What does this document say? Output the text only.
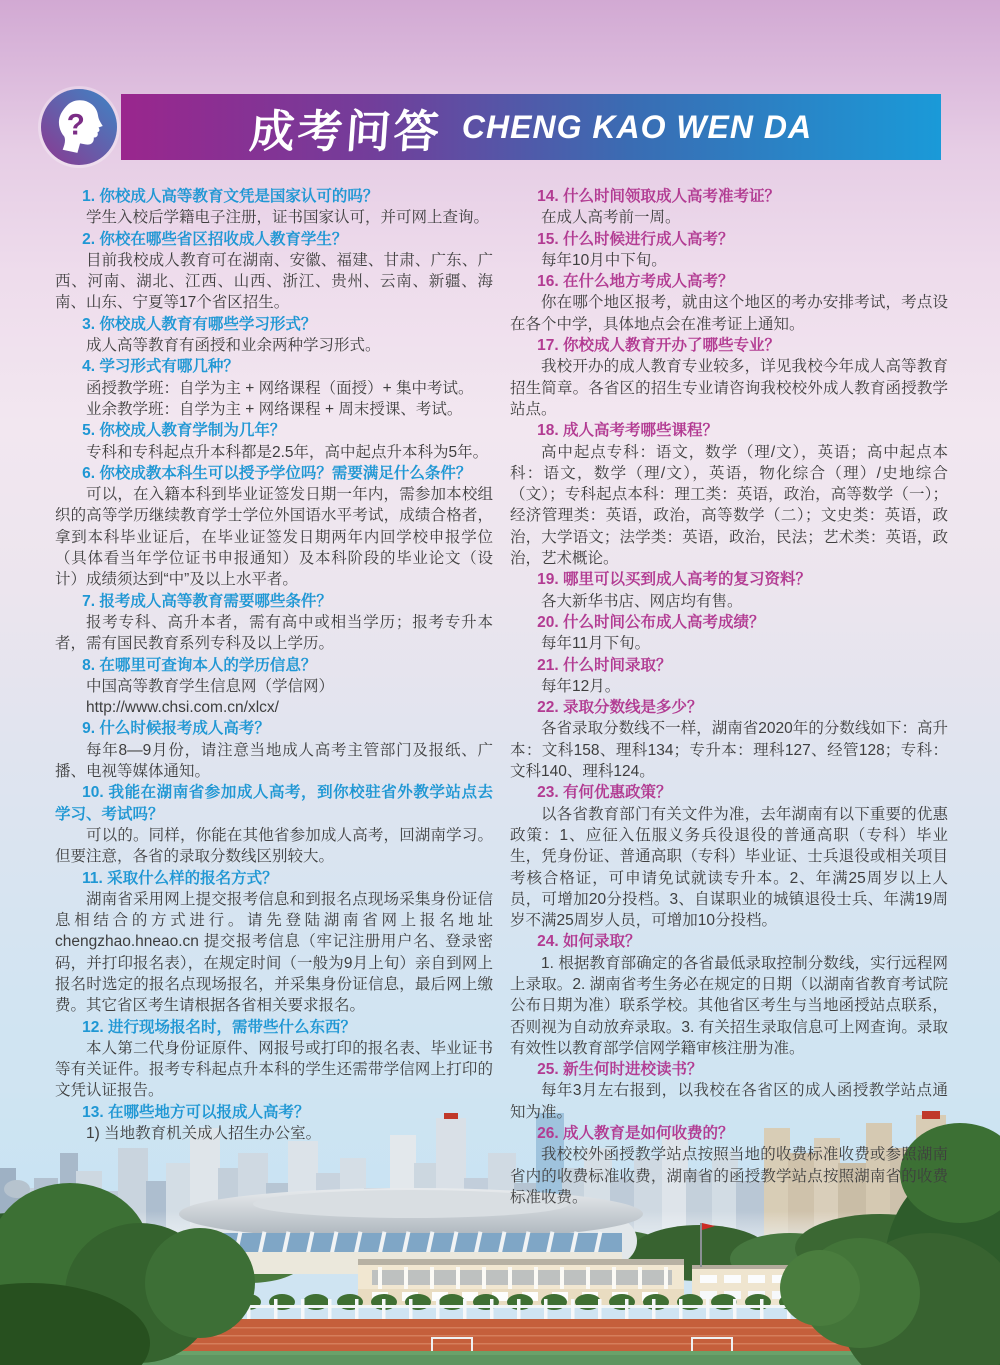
成考问答 CHENG KAO WEN DA
?
1. 你校成人高等教育文凭是国家认可的吗？
学生入校后学籍电子注册，证书国家认可，并可网上查询。
2. 你校在哪些省区招收成人教育学生？
目前我校成人教育可在湖南、安徽、福建、甘肃、广东、广西、河南、湖北、江西、山西、浙江、贵州、云南、新疆、海南、山东、宁夏等17个省区招生。
3. 你校成人教育有哪些学习形式？
成人高等教育有函授和业余两种学习形式。
4. 学习形式有哪几种？
函授教学班：自学为主 + 网络课程（面授）+ 集中考试。
业余教学班：自学为主 + 网络课程 + 周末授课、考试。
5. 你校成人教育学制为几年？
专科和专科起点升本科都是2.5年，高中起点升本科为5年。
6. 你校成教本科生可以授予学位吗？需要满足什么条件？
可以，在入籍本科到毕业证签发日期一年内，需参加本校组织的高等学历继续教育学士学位外国语水平考试，成绩合格者，拿到本科毕业证后，在毕业证签发日期两年内回学校申报学位（具体看当年学位证书申报通知）及本科阶段的毕业论文（设计）成绩须达到“中”及以上水平者。
7. 报考成人高等教育需要哪些条件？
报考专科、高升本者，需有高中或相当学历；报考专升本者，需有国民教育系列专科及以上学历。
8. 在哪里可查询本人的学历信息？
中国高等教育学生信息网（学信网）
http://www.chsi.com.cn/xlcx/
9. 什么时候报考成人高考？
每年8—9月份，请注意当地成人高考主管部门及报纸、广播、电视等媒体通知。
10. 我能在湖南省参加成人高考，到你校驻省外教学站点去学习、考试吗？
可以的。同样，你能在其他省参加成人高考，回湖南学习。但要注意，各省的录取分数线区别较大。
11. 采取什么样的报名方式？
湖南省采用网上提交报考信息和到报名点现场采集身份证信息相结合的方式进行。请先登陆湖南省网上报名地址chengzhao.hneao.cn 提交报考信息（牢记注册用户名、登录密码，并打印报名表），在规定时间（一般为9月上旬）亲自到网上报名时选定的报名点现场报名，并采集身份证信息，最后网上缴费。其它省区考生请根据各省相关要求报名。
12. 进行现场报名时，需带些什么东西？
本人第二代身份证原件、网报号或打印的报名表、毕业证书等有关证件。报考专科起点升本科的学生还需带学信网上打印的文凭认证报告。
13. 在哪些地方可以报成人高考？
1) 当地教育机关成人招生办公室。
14. 什么时间领取成人高考准考证？
在成人高考前一周。
15. 什么时候进行成人高考？
每年10月中下旬。
16. 在什么地方考成人高考？
你在哪个地区报考，就由这个地区的考办安排考试，考点设在各个中学，具体地点会在准考证上通知。
17. 你校成人教育开办了哪些专业？
我校开办的成人教育专业较多，详见我校今年成人高等教育招生简章。各省区的招生专业请咨询我校校外成人教育函授教学站点。
18. 成人高考考哪些课程？
高中起点专科：语文，数学（理/文），英语；高中起点本科：语文，数学（理/文），英语，物化综合（理）/史地综合（文）；专科起点本科：理工类：英语，政治，高等数学（一）；经济管理类：英语，政治，高等数学（二）；文史类：英语，政治，大学语文；法学类：英语，政治，民法；艺术类：英语，政治，艺术概论。
19. 哪里可以买到成人高考的复习资料？
各大新华书店、网店均有售。
20. 什么时间公布成人高考成绩？
每年11月下旬。
21. 什么时间录取？
每年12月。
22. 录取分数线是多少？
各省录取分数线不一样，湖南省2020年的分数线如下：高升本：文科158、理科134；专升本：理科127、经管128；专科：文科140、理科124。
23. 有何优惠政策？
以各省教育部门有关文件为准，去年湖南有以下重要的优惠政策：1、应征入伍服义务兵役退役的普通高职（专科）毕业生，凭身份证、普通高职（专科）毕业证、士兵退役或相关项目考核合格证，可申请免试就读专升本。2、年满25周岁以上人员，可增加20分投档。3、自谋职业的城镇退役士兵、年满19周岁不满25周岁人员，可增加10分投档。
24. 如何录取？
1. 根据教育部确定的各省最低录取控制分数线，实行远程网上录取。2. 湖南省考生务必在规定的日期（以湖南省教育考试院公布日期为准）联系学校。其他省区考生与当地函授站点联系，否则视为自动放弃录取。3. 有关招生录取信息可上网查询。录取有效性以教育部学信网学籍审核注册为准。
25. 新生何时进校读书？
每年3月左右报到，以我校在各省区的成人函授教学站点通知为准。
26. 成人教育是如何收费的？
我校校外函授教学站点按照当地的收费标准收费或参照湖南省内的收费标准收费，湖南省的函授教学站点按照湖南省的收费标准收费。
